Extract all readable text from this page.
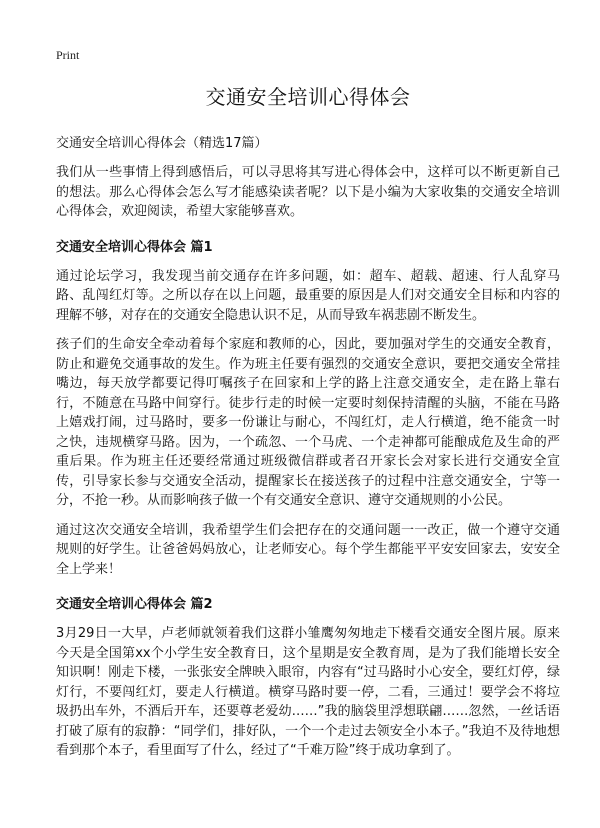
Print
交通安全培训心得体会

交通安全培训心得体会（精选17篇）

我们从一些事情上得到感悟后，可以寻思将其写进心得体会中，这样可以不断更新自己的想法。那么心得体会怎么写才能感染读者呢？以下是小编为大家收集的交通安全培训心得体会，欢迎阅读，希望大家能够喜欢。

交通安全培训心得体会 篇1

通过论坛学习，我发现当前交通存在许多问题，如：超车、超载、超速、行人乱穿马路、乱闯红灯等。之所以存在以上问题，最重要的原因是人们对交通安全目标和内容的理解不够，对存在的交通安全隐患认识不足，从而导致车祸悲剧不断发生。

孩子们的生命安全牵动着每个家庭和教师的心，因此，要加强对学生的交通安全教育，防止和避免交通事故的发生。作为班主任要有强烈的交通安全意识，要把交通安全常挂嘴边，每天放学都要记得叮嘱孩子在回家和上学的路上注意交通安全，走在路上靠右行，不随意在马路中间穿行。徒步行走的时候一定要时刻保持清醒的头脑，不能在马路上嬉戏打闹，过马路时，要多一份谦让与耐心，不闯红灯，走人行横道，绝不能贪一时之快，违规横穿马路。因为，一个疏忽、一个马虎、一个走神都可能酿成危及生命的严重后果。作为班主任还要经常通过班级微信群或者召开家长会对家长进行交通安全宣传，引导家长参与交通安全活动，提醒家长在接送孩子的过程中注意交通安全，宁等一分，不抢一秒。从而影响孩子做一个有交通安全意识、遵守交通规则的小公民。

通过这次交通安全培训，我希望学生们会把存在的交通问题一一改正，做一个遵守交通规则的好学生。让爸爸妈妈放心，让老师安心。每个学生都能平平安安回家去，安安全全上学来！

交通安全培训心得体会 篇2

3月29日一大早，卢老师就领着我们这群小雏鹰匆匆地走下楼看交通安全图片展。原来今天是全国第xx个小学生安全教育日，这个星期是安全教育周，是为了我们能增长安全知识啊！刚走下楼，一张张安全牌映入眼帘，内容有“过马路时小心安全，要红灯停，绿灯行，不要闯红灯，要走人行横道。横穿马路时要一停，二看，三通过！要学会不将垃圾扔出车外，不酒后开车，还要尊老爱幼……”我的脑袋里浮想联翩……忽然，一丝话语打破了原有的寂静：“同学们，排好队，一个一个走过去领安全小本子。”我迫不及待地想看到那个本子，看里面写了什么，经过了“千难万险”终于成功拿到了。
